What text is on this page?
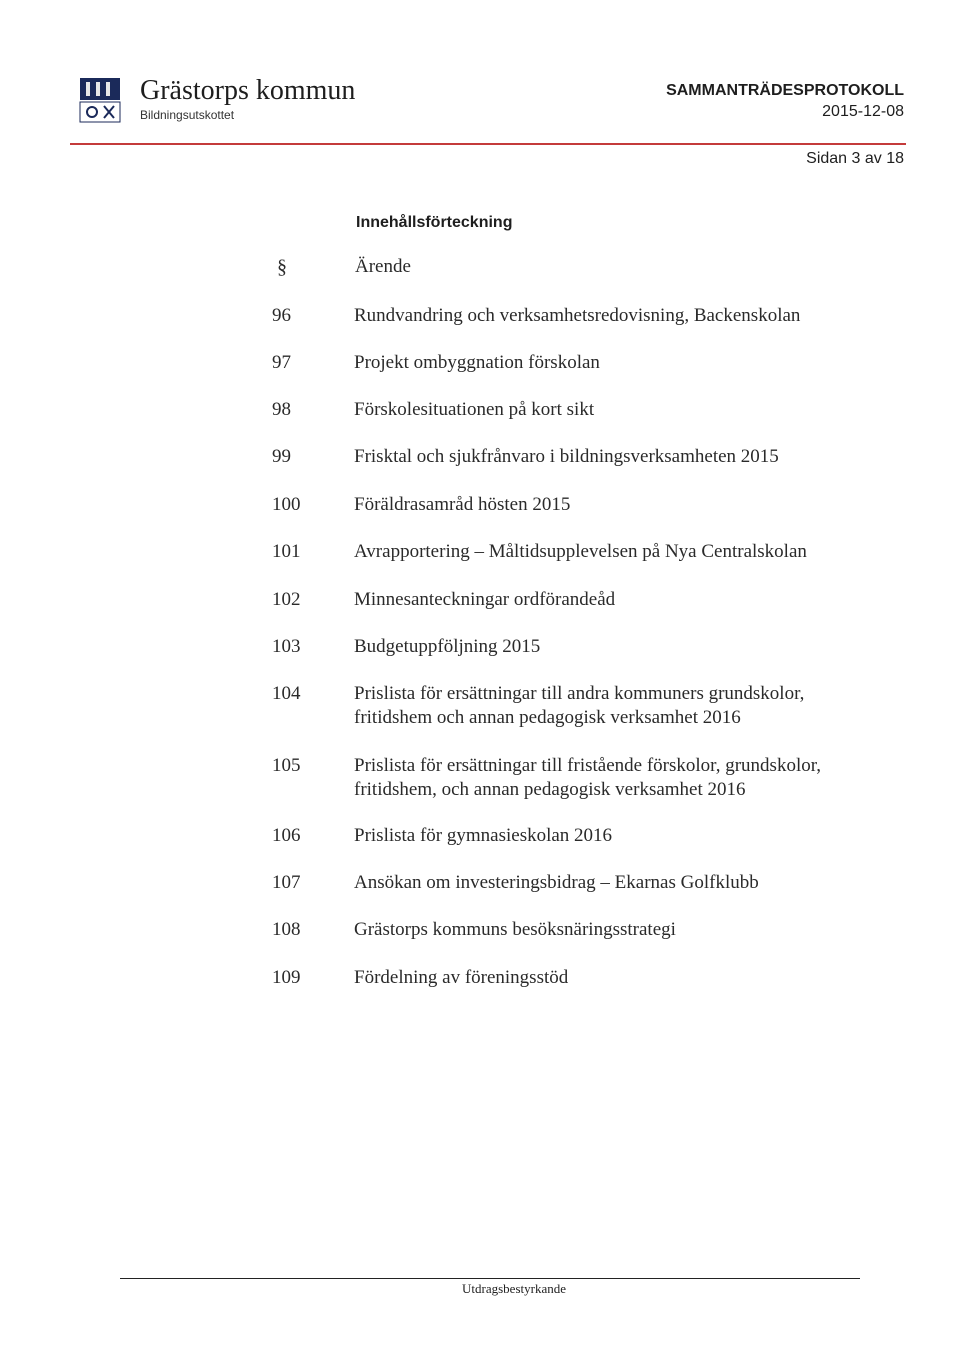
Grästorps kommun
Bildningsutskottet
SAMMANTRÄDESPROTOKOLL
2015-12-08
Sidan 3 av 18
Innehållsförteckning
§	Ärende
96	Rundvandring och verksamhetsredovisning, Backenskolan
97	Projekt ombyggnation förskolan
98	Förskolesituationen på kort sikt
99	Frisktal och sjukfrånvaro i bildningsverksamheten 2015
100	Föräldrasamråd hösten 2015
101	Avrapportering – Måltidsupplevelsen på Nya Centralskolan
102	Minnesanteckningar ordförandeåd
103	Budgetuppföljning 2015
104	Prislista för ersättningar till andra kommuners grundskolor, fritidshem och annan pedagogisk verksamhet 2016
105	Prislista för ersättningar till fristående förskolor, grundskolor, fritidshem, och annan pedagogisk verksamhet 2016
106	Prislista för gymnasieskolan 2016
107	Ansökan om investeringsbidrag – Ekarnas Golfklubb
108	Grästorps kommuns besöksnäringsstrategi
109	Fördelning av föreningsstöd
Utdragsbestyrkande
